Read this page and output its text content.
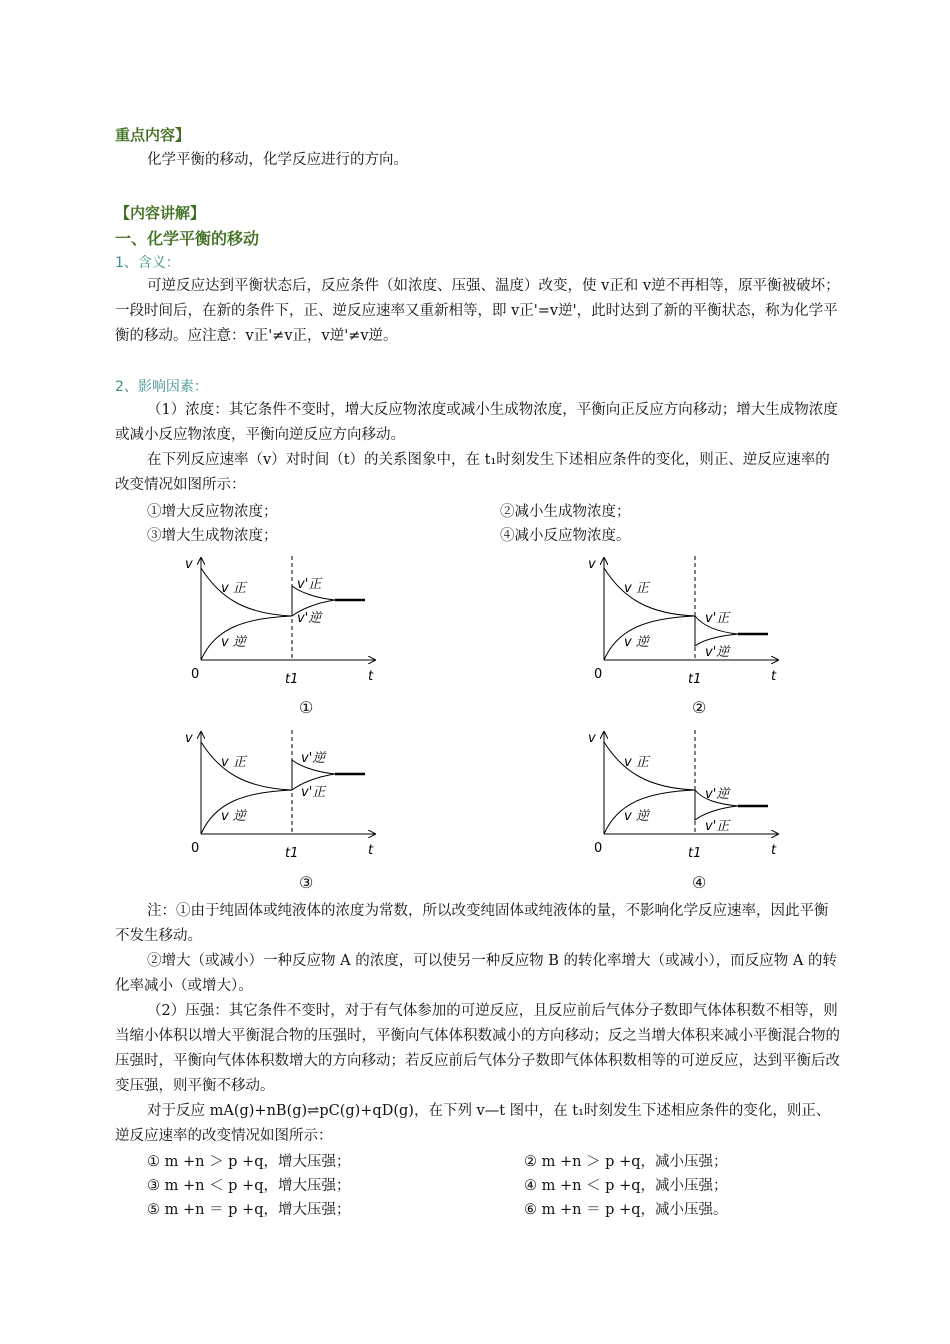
重点内容】
化学平衡的移动，化学反应进行的方向。
【内容讲解】
一、化学平衡的移动
1、含义：
可逆反应达到平衡状态后，反应条件（如浓度、压强、温度）改变，使 v正和 v逆不再相等，原平衡被破坏；一段时间后，在新的条件下，正、逆反应速率又重新相等，即 v正'=v逆'，此时达到了新的平衡状态，称为化学平衡的移动。应注意：v正'≠v正，v逆'≠v逆。
2、影响因素：
（1）浓度：其它条件不变时，增大反应物浓度或减小生成物浓度，平衡向正反应方向移动；增大生成物浓度或减小反应物浓度，平衡向逆反应方向移动。
在下列反应速率（v）对时间（t）的关系图象中，在 t₁时刻发生下述相应条件的变化，则正、逆反应速率的改变情况如图所示：
①增大反应物浓度；	②减小生成物浓度；
③增大生成物浓度；	④减小反应物浓度。
v
t
0	t1
v 正
v 逆
v'正
v'逆
①
v
t
0	t1
v 正
v 逆
v'正
v'逆
②
v
t
0	t1
v 正
v 逆
v'逆
v'正
③
v
t
0	t1
v 正
v 逆
v'逆
v'正
④
注：①由于纯固体或纯液体的浓度为常数，所以改变纯固体或纯液体的量，不影响化学反应速率，因此平衡不发生移动。
②增大（或减小）一种反应物 A 的浓度，可以使另一种反应物 B 的转化率增大（或减小），而反应物 A 的转化率减小（或增大）。
（2）压强：其它条件不变时，对于有气体参加的可逆反应，且反应前后气体分子数即气体体积数不相等，则当缩小体积以增大平衡混合物的压强时，平衡向气体体积数减小的方向移动；反之当增大体积来减小平衡混合物的压强时，平衡向气体体积数增大的方向移动；若反应前后气体分子数即气体体积数相等的可逆反应，达到平衡后改变压强，则平衡不移动。
对于反应 mA(g)+nB(g)⇌pC(g)+qD(g)，在下列 v—t 图中，在 t₁时刻发生下述相应条件的变化，则正、逆反应速率的改变情况如图所示：
① m +n ＞ p +q，增大压强；	② m +n ＞ p +q，减小压强；
③ m +n ＜ p +q，增大压强；	④ m +n ＜ p +q，减小压强；
⑤ m +n ＝ p +q，增大压强；	⑥ m +n ＝ p +q，减小压强。
